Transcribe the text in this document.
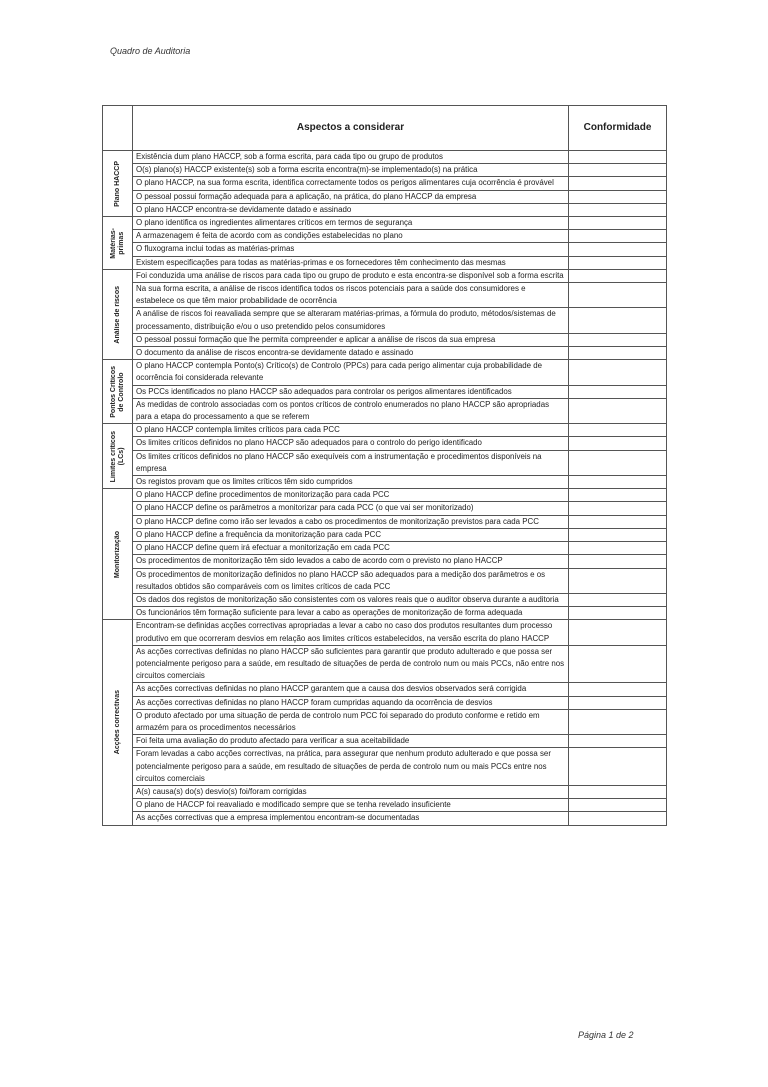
Quadro de Auditoria
	Aspectos a considerar	Conformidade

Plano HACCP	Existência dum plano HACCP, sob a forma escrita, para cada tipo ou grupo de produtos	
	O(s) plano(s) HACCP existente(s) sob a forma escrita encontra(m)-se implementado(s) na prática	
	O plano HACCP, na sua forma escrita, identifica correctamente todos os perigos alimentares cuja ocorrência é provável	
	O pessoal possui formação adequada para a aplicação, na prática, do plano HACCP da empresa	
	O plano HACCP encontra-se devidamente datado e assinado	

Matérias-
primas	O plano identifica os ingredientes alimentares críticos em termos de segurança	
	A armazenagem é feita de acordo com as condições estabelecidas no plano	
	O fluxograma inclui todas as matérias-primas	
	Existem especificações para todas as matérias-primas e os fornecedores têm conhecimento das mesmas	

Análise de riscos	Foi conduzida uma análise de riscos para cada tipo ou grupo de produto e esta encontra-se disponível sob a forma escrita	
	Na sua forma escrita, a análise de riscos identifica todos os riscos potenciais para a saúde dos consumidores e estabelece os que têm maior probabilidade de ocorrência	
	A análise de riscos foi reavaliada sempre que se alteraram matérias-primas, a fórmula do produto, métodos/sistemas de processamento, distribuição e/ou o uso pretendido pelos consumidores	
	O pessoal possui formação que lhe permita compreender e aplicar a análise de riscos da sua empresa	
	O documento da análise de riscos encontra-se devidamente datado e assinado	

Pontos Críticos
de Controlo	O plano HACCP contempla Ponto(s) Crítico(s) de Controlo (PPCs) para cada perigo alimentar cuja probabilidade de ocorrência foi considerada relevante	
	Os PCCs identificados no plano HACCP são adequados para controlar os perigos alimentares identificados	
	As medidas de controlo associadas com os pontos críticos de controlo enumerados no plano HACCP são apropriadas para a etapa do processamento a que se referem	

Limites críticos
(LCs)	O plano HACCP contempla limites críticos para cada PCC	
	Os limites críticos definidos no plano HACCP são adequados para o controlo do perigo identificado	
	Os limites críticos definidos no plano HACCP são exequíveis com a instrumentação e procedimentos disponíveis na empresa	
	Os registos provam que os limites críticos têm sido cumpridos	

Monitorização	O plano HACCP define procedimentos de monitorização para cada PCC	
	O plano HACCP define os parâmetros a monitorizar para cada PCC (o que vai ser monitorizado)	
	O plano HACCP define como irão ser levados a cabo os procedimentos de monitorização previstos para cada PCC	
	O plano HACCP define a frequência da monitorização para cada PCC	
	O plano HACCP define quem irá efectuar a monitorização em cada PCC	
	Os procedimentos de monitorização têm sido levados a cabo de acordo com o previsto no plano HACCP	
	Os procedimentos de monitorização definidos no plano HACCP são adequados para a medição dos parâmetros e os resultados obtidos são comparáveis com os limites críticos de cada PCC	
	Os dados dos registos de monitorização são consistentes com os valores reais que o auditor observa durante a auditoria	
	Os funcionários têm formação suficiente para levar a cabo as operações de monitorização de forma adequada	

Acções correctivas	Encontram-se definidas acções correctivas apropriadas a levar a cabo no caso dos produtos resultantes dum processo produtivo em que ocorreram desvios em relação aos limites críticos estabelecidos, na versão escrita do plano HACCP	
	As acções correctivas definidas no plano HACCP são suficientes para garantir que produto adulterado e que possa ser potencialmente perigoso para a saúde, em resultado de situações de perda de controlo num ou mais PCCs, não entre nos circuitos comerciais	
	As acções correctivas definidas no plano HACCP garantem que a causa dos desvios observados será corrigida	
	As acções correctivas definidas no plano HACCP foram cumpridas aquando da ocorrência de desvios	
	O produto afectado por uma situação de perda de controlo num PCC foi separado do produto conforme e retido em armazém para os procedimentos necessários	
	Foi feita uma avaliação do produto afectado para verificar a sua aceitabilidade	
	Foram levadas a cabo acções correctivas, na prática, para assegurar que nenhum produto adulterado e que possa ser potencialmente perigoso para a saúde, em resultado de situações de perda de controlo num ou mais PCCs entre nos circuitos comerciais	
	A(s) causa(s) do(s) desvio(s) foi/foram corrigidas	
	O plano de HACCP foi reavaliado e modificado sempre que se tenha revelado insuficiente	
	As acções correctivas que a empresa implementou encontram-se documentadas	
Página 1 de 2
